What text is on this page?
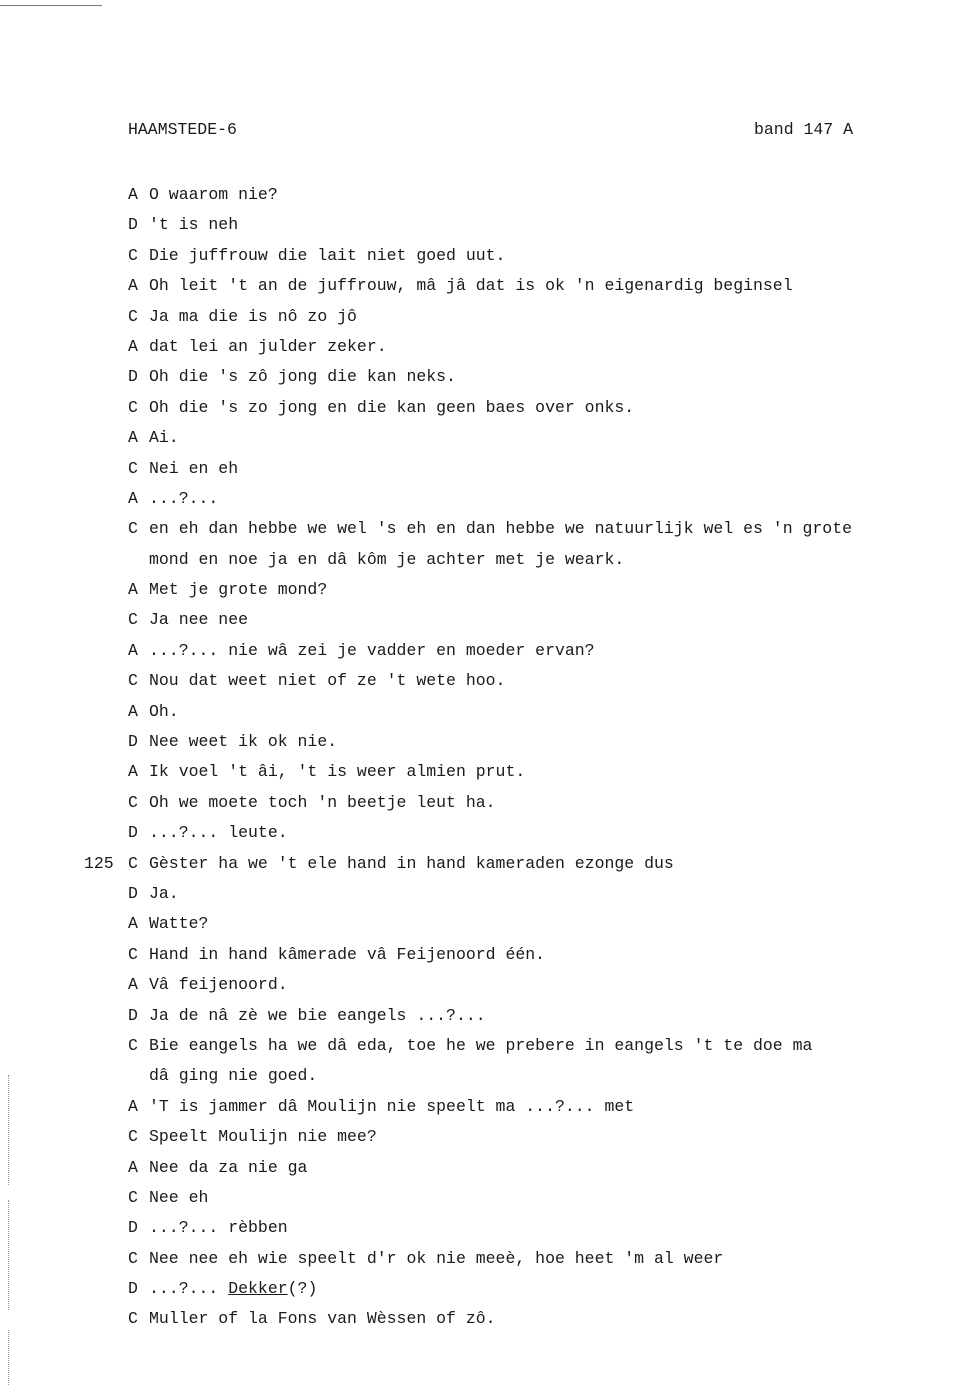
HAAMSTEDE-6	band 147 A
A O waarom nie?
D 't is neh
C Die juffrouw die lait niet goed uut.
A Oh leit 't an de juffrouw, mâ jâ dat is ok 'n eigenardig beginsel
C Ja ma die is nô zo jô
A dat lei an julder zeker.
D Oh die 's zô jong die kan neks.
C Oh die 's zo jong en die kan geen baes over onks.
A Ai.
C Nei en eh
A ...?...
C en eh dan hebbe we wel 's eh en dan hebbe we natuurlijk wel es 'n grote
mond en noe ja en dâ kôm je achter met je weark.
A Met je grote mond?
C Ja nee nee
A ...?... nie wâ zei je vadder en moeder ervan?
C Nou dat weet niet of ze 't wete hoo.
A Oh.
D Nee weet ik ok nie.
A Ik voel 't âi, 't is weer almien prut.
C Oh we moete toch 'n beetje leut ha.
D ...?... leute.
125 C Gèster ha we 't ele hand in hand kameraden ezonge dus
D Ja.
A Watte?
C Hand in hand kâmerade vâ Feijenoord één.
A Vâ feijenoord.
D Ja de nâ zè we bie eangels ...?...
C Bie eangels ha we dâ eda, toe he we prebere in eangels 't te doe ma
dâ ging nie goed.
A 'T is jammer dâ Moulijn nie speelt ma ...?... met
C Speelt Moulijn nie mee?
A Nee da za nie ga
C Nee eh
D ...?... rèbben
C Nee nee eh wie speelt d'r ok nie meeè, hoe heet 'm al weer
D ...?... Dekker(?)
C Muller of la Fons van Wèssen of zô.
